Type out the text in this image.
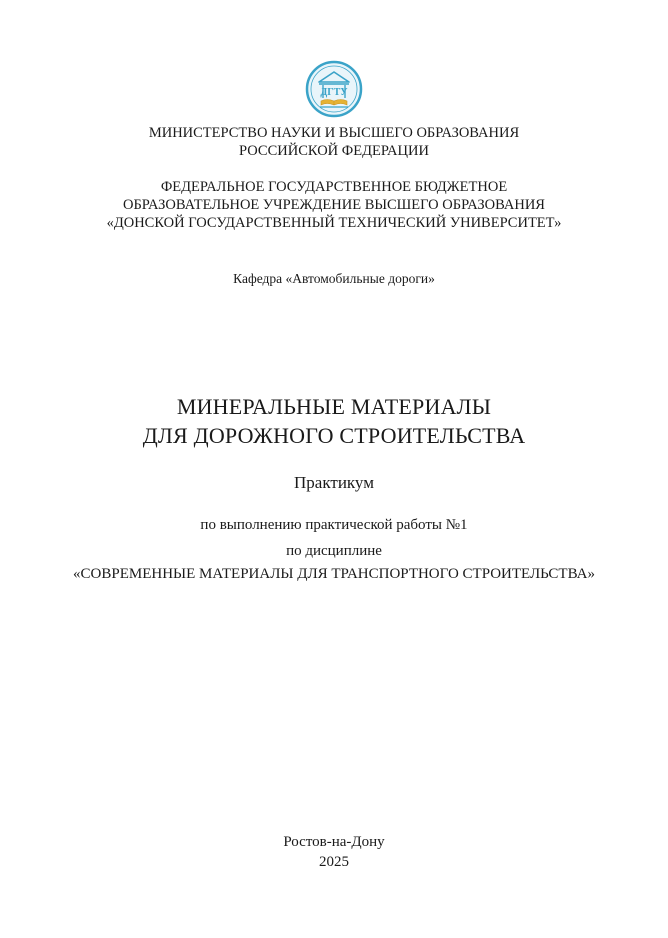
ДГТУ
МИНИСТЕРСТВО НАУКИ И ВЫСШЕГО ОБРАЗОВАНИЯ
РОССИЙСКОЙ ФЕДЕРАЦИИ
ФЕДЕРАЛЬНОЕ ГОСУДАРСТВЕННОЕ БЮДЖЕТНОЕ
ОБРАЗОВАТЕЛЬНОЕ УЧРЕЖДЕНИЕ ВЫСШЕГО ОБРАЗОВАНИЯ
«ДОНСКОЙ ГОСУДАРСТВЕННЫЙ ТЕХНИЧЕСКИЙ УНИВЕРСИТЕТ»
Кафедра «Автомобильные дороги»
МИНЕРАЛЬНЫЕ МАТЕРИАЛЫ
ДЛЯ ДОРОЖНОГО СТРОИТЕЛЬСТВА
Практикум
по выполнению практической работы №1
по дисциплине
«СОВРЕМЕННЫЕ МАТЕРИАЛЫ ДЛЯ ТРАНСПОРТНОГО СТРОИТЕЛЬСТВА»
Ростов-на-Дону
2025
